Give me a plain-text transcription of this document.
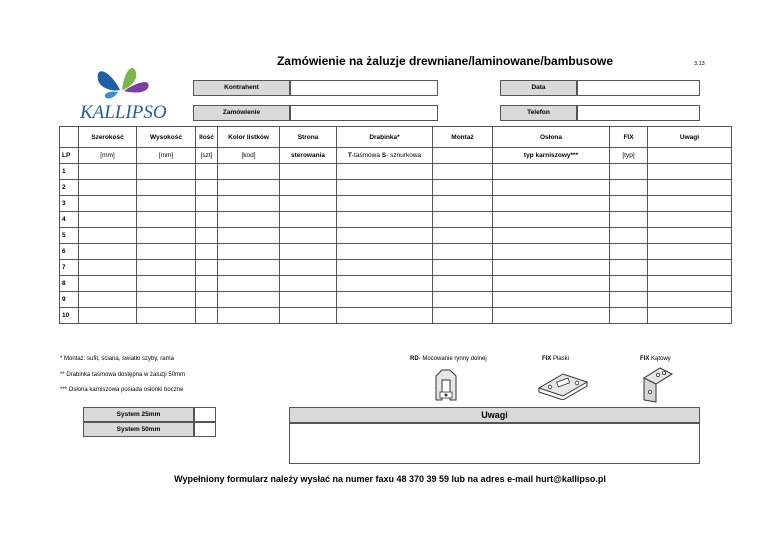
Zamówienie na żaluzje drewniane/laminowane/bambusowe	3.13
KALLIPSO
Kontrahent	Data
Zamówienie	Telefon
	Szerokość	Wysokość	Ilość	Kolor listków	Strona	Drabinka*	Montaż	Osłona	FIX	Uwagi
LP	[mm]	[mm]	[szt]	[kod]	sterowania	T-taśmowa S- sznurkowa		typ karniszowy***	[typ]	
1										
2										
3										
4										
5										
6										
7										
8										
9										
10										
* Montaż: sufit, ściana, światło szyby, rama
** Drabinka taśmowa dostępna w żaluzji 50mm
*** Osłona karniszowa posiada osłonki boczne
RD- Mocowanie rynny dolnej	FIX Płaski	FIX Kątowy
System 25mm
System 50mm
Uwagi
Wypełniony formularz należy wysłać na numer faxu 48 370 39 59 lub na adres e-mail hurt@kallipso.pl
